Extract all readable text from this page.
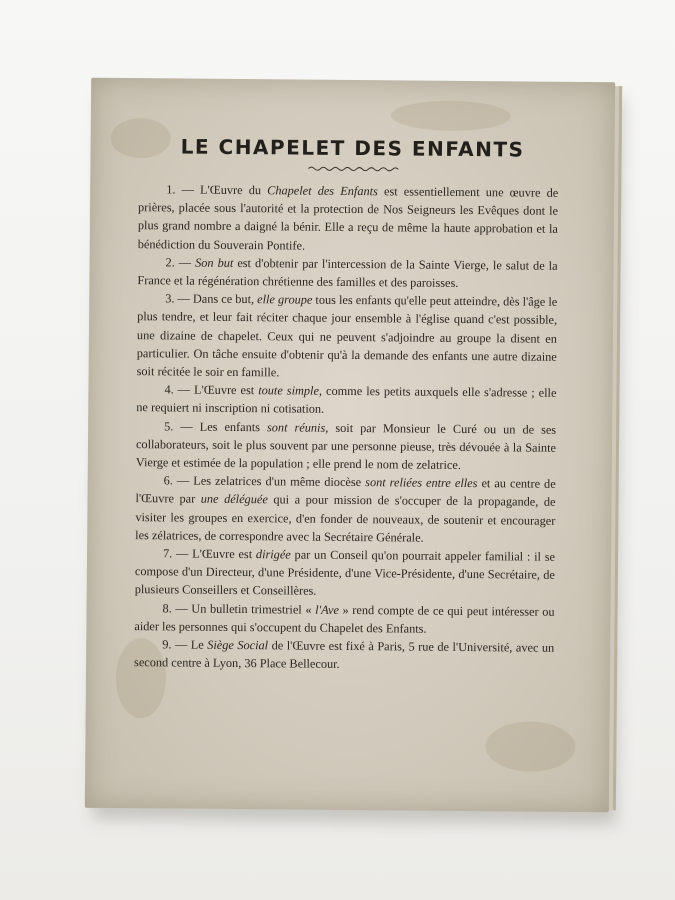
LE CHAPELET DES ENFANTS

1. — L'Œuvre du Chapelet des Enfants est essentiellement une œuvre de prières, placée sous l'autorité et la protection de Nos Seigneurs les Evêques dont le plus grand nombre a daigné la bénir. Elle a reçu de même la haute approbation et la bénédiction du Souverain Pontife.

2. — Son but est d'obtenir par l'intercession de la Sainte Vierge, le salut de la France et la régénération chrétienne des familles et des paroisses.

3. — Dans ce but, elle groupe tous les enfants qu'elle peut atteindre, dès l'âge le plus tendre, et leur fait réciter chaque jour ensemble à l'église quand c'est possible, une dizaine de chapelet. Ceux qui ne peuvent s'adjoindre au groupe la disent en particulier. On tâche ensuite d'obtenir qu'à la demande des enfants une autre dizaine soit récitée le soir en famille.

4. — L'Œuvre est toute simple, comme les petits auxquels elle s'adresse ; elle ne requiert ni inscription ni cotisation.

5. — Les enfants sont réunis, soit par Monsieur le Curé ou un de ses collaborateurs, soit le plus souvent par une personne pieuse, très dévouée à la Sainte Vierge et estimée de la population ; elle prend le nom de zelatrice.

6. — Les zelatrices d'un même diocèse sont reliées entre elles et au centre de l'Œuvre par une déléguée qui a pour mission de s'occuper de la propagande, de visiter les groupes en exercice, d'en fonder de nouveaux, de soutenir et encourager les zélatrices, de correspondre avec la Secrétaire Générale.

7. — L'Œuvre est dirigée par un Conseil qu'on pourrait appeler familial : il se compose d'un Directeur, d'une Présidente, d'une Vice-Présidente, d'une Secrétaire, de plusieurs Conseillers et Conseillères.

8. — Un bulletin trimestriel « l'Ave » rend compte de ce qui peut intéresser ou aider les personnes qui s'occupent du Chapelet des Enfants.

9. — Le Siège Social de l'Œuvre est fixé à Paris, 5 rue de l'Université, avec un second centre à Lyon, 36 Place Bellecour.
